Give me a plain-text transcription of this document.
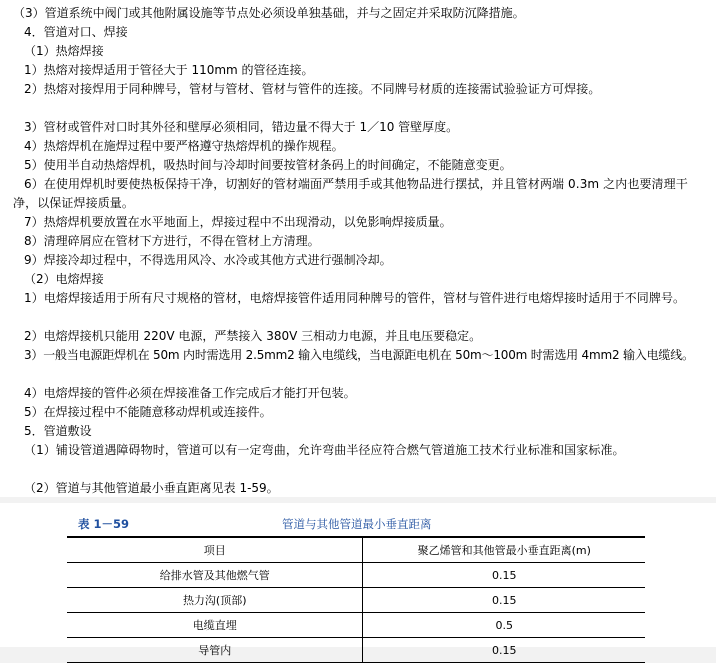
（3）管道系统中阀门或其他附属设施等节点处必须设单独基础，并与之固定并采取防沉降措施。
4．管道对口、焊接
（1）热熔焊接
1）热熔对接焊适用于管径大于 110mm 的管径连接。
2）热熔对接焊用于同种牌号，管材与管材、管材与管件的连接。不同牌号材质的连接需试验验证方可焊接。
3）管材或管件对口时其外径和壁厚必须相同，错边量不得大于 1／10 管壁厚度。
4）热熔焊机在施焊过程中要严格遵守热熔焊机的操作规程。
5）使用半自动热熔焊机，吸热时间与冷却时间要按管材条码上的时间确定，不能随意变更。
6）在使用焊机时要使热板保持干净，切割好的管材端面严禁用手或其他物品进行摆拭，并且管材两端 0.3m 之内也要清理干净，以保证焊接质量。
7）热熔焊机要放置在水平地面上，焊接过程中不出现滑动，以免影响焊接质量。
8）清理碎屑应在管材下方进行，不得在管材上方清理。
9）焊接冷却过程中，不得选用风冷、水冷或其他方式进行强制冷却。
（2）电熔焊接
1）电熔焊接适用于所有尺寸规格的管材，电熔焊接管件适用同种牌号的管件，管材与管件进行电熔焊接时适用于不同牌号。
2）电熔焊接机只能用 220V 电源，严禁接入 380V 三相动力电源，并且电压要稳定。
3）一般当电源距焊机在 50m 内时需选用 2.5mm2 输入电缆线，当电源距电机在 50m～100m 时需选用 4mm2 输入电缆线。
4）电熔焊接的管件必须在焊接准备工作完成后才能打开包装。
5）在焊接过程中不能随意移动焊机或连接件。
5．管道敷设
（1）铺设管道遇障碍物时，管道可以有一定弯曲，允许弯曲半径应符合燃气管道施工技术行业标准和国家标准。
（2）管道与其他管道最小垂直距离见表 1-59。
表 1－59	管道与其他管道最小垂直距离
项目	聚乙烯管和其他管最小垂直距离(m)
给排水管及其他燃气管	0.15
热力沟(顶部)	0.15
电缆直埋	0.5
导管内	0.15
